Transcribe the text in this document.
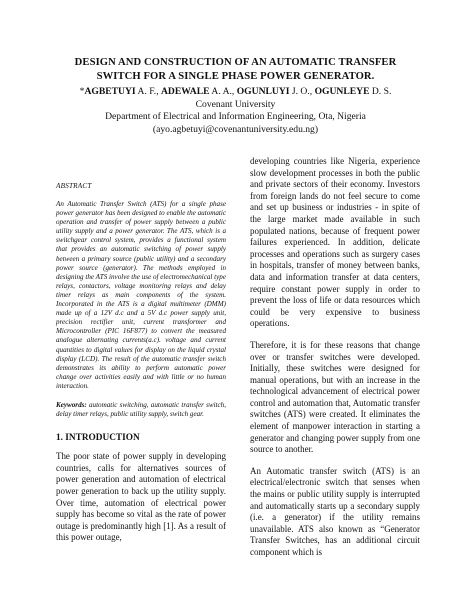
DESIGN AND CONSTRUCTION OF AN AUTOMATIC TRANSFER
SWITCH FOR A SINGLE PHASE POWER GENERATOR.
*AGBETUYI A. F., ADEWALE A. A., OGUNLUYI J. O., OGUNLEYE D. S.
Covenant University
Department of Electrical and Information Engineering, Ota, Nigeria
(ayo.agbetuyi@covenantuniversity.edu.ng)
ABSTRACT

An Automatic Transfer Switch (ATS) for a single phase power generator has been designed to enable the automatic operation and transfer of power supply between a public utility supply and a power generator. The ATS, which is a switchgear control system, provides a functional system that provides an automatic switching of power supply between a primary source (public utility) and a secondary power source (generator). The methods employed in designing the ATS involve the use of electromechanical type relays, contactors, voltage monitoring relays and delay timer relays as main components of the system. Incorporated in the ATS is a digital multimeter (DMM) made up of a 12V d.c and a 5V d.c power supply unit, precision rectifier unit, current transformer and Microcontroller (PIC 16F877) to convert the measured analogue alternating currents(a.c). voltage and current quantities to digital values for display on the liquid crystal display (LCD). The result of the automatic transfer switch demonstrates its ability to perform automatic power change over activities easily and with little or no human interaction.

Keywords: automatic switching, automatic transfer switch, delay timer relays, public utility supply, switch gear.

1. INTRODUCTION

The poor state of power supply in developing countries, calls for alternatives sources of power generation and automation of electrical power generation to back up the utility supply. Over time, automation of electrical power supply has become so vital as the rate of power outage is predominantly high [1]. As a result of this power outage,

developing countries like Nigeria, experience slow development processes in both the public and private sectors of their economy. Investors from foreign lands do not feel secure to come and set up business or industries - in spite of the large market made available in such populated nations, because of frequent power failures experienced. In addition, delicate processes and operations such as surgery cases in hospitals, transfer of money between banks, data and information transfer at data centers, require constant power supply in order to prevent the loss of life or data resources which could be very expensive to business operations.

Therefore, it is for these reasons that change over or transfer switches were developed. Initially, these switches were designed for manual operations, but with an increase in the technological advancement of electrical power control and automation that, Automatic transfer switches (ATS) were created. It eliminates the element of manpower interaction in starting a generator and changing power supply from one source to another.

An Automatic transfer switch (ATS) is an electrical/electronic switch that senses when the mains or public utility supply is interrupted and automatically starts up a secondary supply (i.e. a generator) if the utility remains unavailable. ATS also known as “Generator Transfer Switches, has an additional circuit component which is
